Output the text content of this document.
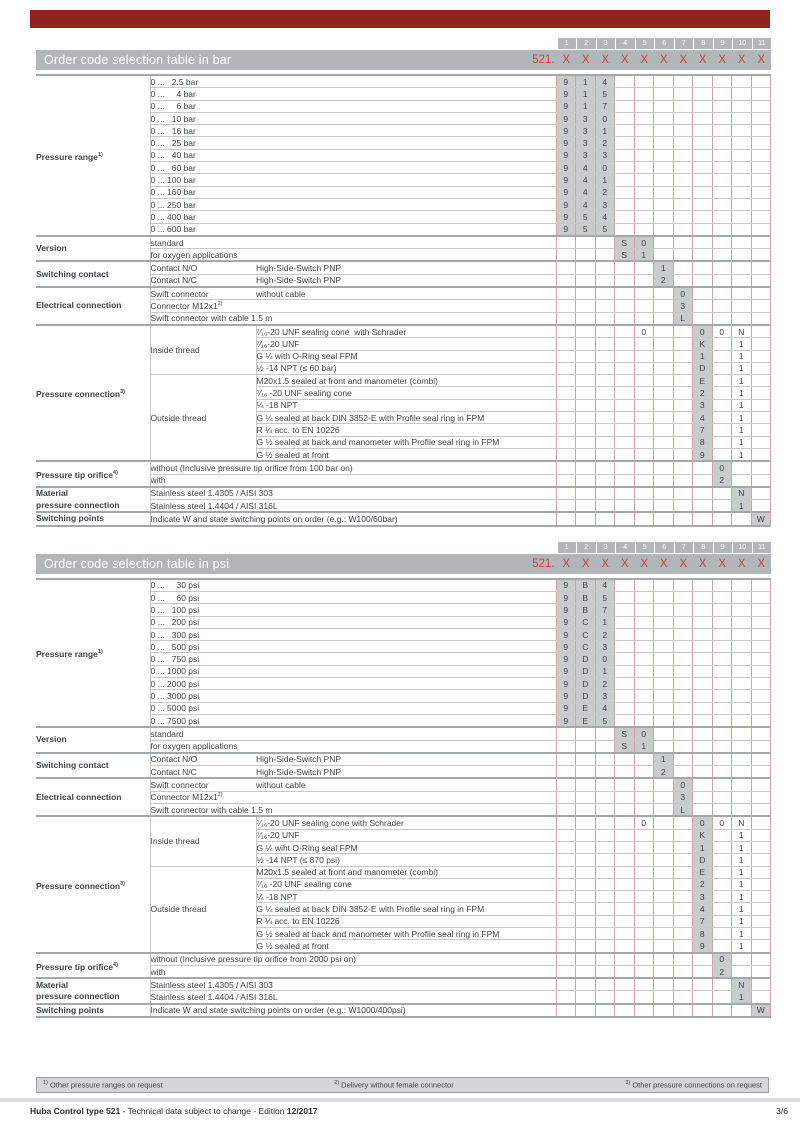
1	2	3	4	5	6	7	8	9	10	11
Order code selection table in bar	521. X	X	X	X	X	X	X	X	X	X	X
Pressure range$^{1)}$	0 ...   2.5 bar		9	1	4								
	0 ...     4 bar		9	1	5								
	0 ...     6 bar		9	1	7								
	0 ...   10 bar		9	3	0								
	0 ...   16 bar		9	3	1								
	0 ...   25 bar		9	3	2								
	0 ...   40 bar		9	3	3								
	0 ...   60 bar		9	4	0								
	0 ... 100 bar		9	4	1								
	0 ... 160 bar		9	4	2								
	0 ... 250 bar		9	4	3								
	0 ... 400 bar		9	5	4								
	0 ... 600 bar		9	5	5								

Version	standard					S	0						
	for oxygen applications					S	1						

Switching contact	Contact N/O	High-Side-Switch PNP						1					
	Contact N/C	High-Side-Switch PNP						2					

Electrical connection	Swift connector	without cable							0				
	Connector M12x1$^{2)}$								3				
	Swift connector with cable 1.5 m								L				

Pressure connection$^{3)}$	Inside thread	⁷⁄₁₆-20 UNF sealing cone  with Schrader					0			0	0	N	
		⁷⁄₁₆-20 UNF								K		1	
		G ¼ with O-Ring seal FPM								1		1	
		½ -14 NPT (≤ 60 bar)								D		1	
	Outside thread	M20x1.5 sealed at front and manometer (combi)								E		1	
		⁷⁄₁₆ -20 UNF sealing cone								2		1	
		¼ -18 NPT								3		1	
		G ¼ sealed at back DIN 3852-E with Profile seal ring in FPM								4		1	
		R ¼ acc. to EN 10226								7		1	
		G ½ sealed at back and manometer with Profile seal ring in FPM								8		1	
		G ½ sealed at front								9		1	

Pressure tip orifice$^{4)}$	without (Inclusive pressure tip orifice from 100 bar on)										0		
	with										2		

Material
pressure connection	Stainless steel 1.4305 / AISI 303											N	
	Stainless steel 1.4404 / AISI 316L											1	

Switching points	Indicate W and state switching points on order (e.g.: W100/60bar)												W
1	2	3	4	5	6	7	8	9	10	11
Order code selection table in psi	521. X	X	X	X	X	X	X	X	X	X	X
Pressure range$^{1)}$	0 ...     30 psi		9	B	4								
	0 ...     60 psi		9	B	5								
	0 ...   100 psi		9	B	7								
	0 ...   200 psi		9	C	1								
	0 ...   300 psi		9	C	2								
	0 ...   500 psi		9	C	3								
	0 ...   750 psi		9	D	0								
	0 ... 1000 psi		9	D	1								
	0 ... 2000 psi		9	D	2								
	0 ... 3000 psi		9	D	3								
	0 ... 5000 psi		9	E	4								
	0 ... 7500 psi		9	E	5								

Version	standard					S	0						
	for oxygen applications					S	1						

Switching contact	Contact N/O	High-Side-Switch PNP						1					
	Contact N/C	High-Side-Switch PNP						2					

Electrical connection	Swift connector	without cable							0				
	Connector M12x1$^{2)}$								3				
	Swift connector with cable 1.5 m								L				

Pressure connection$^{3)}$	Inside thread	⁷⁄₁₆-20 UNF sealing cone with Schrader					0			0	0	N	
		⁷⁄₁₆-20 UNF								K		1	
		G ¼ wiht O-Ring seal FPM								1		1	
		½ -14 NPT (≤ 870 psi)								D		1	
	Outside thread	M20x1.5 sealed at front and manometer (combi)								E		1	
		⁷⁄₁₆ -20 UNF sealing cone								2		1	
		¼ -18 NPT								3		1	
		G ¼ sealed at back DIN 3852-E with Profile seal ring in FPM								4		1	
		R ¼ acc. to EN 10226								7		1	
		G ½ sealed at back and manometer with Profile seal ring in FPM								8		1	
		G ½ sealed at front								9		1	

Pressure tip orifice$^{4)}$	without (Inclusive pressure tip orifice from 2000 psi on)										0		
	with										2		

Material
pressure connection	Stainless steel 1.4305 / AISI 303											N	
	Stainless steel 1.4404 / AISI 316L											1	

Switching points	Indicate W and state switching points on order (e.g.: W1000/400psi)												W
$^{1)}$ Other pressure ranges on request	$^{2)}$ Delivery without female connector	$^{3)}$ Other pressure connections on request
Huba Control type 521 - Technical data subject to change - Edition 12/2017	3/6
